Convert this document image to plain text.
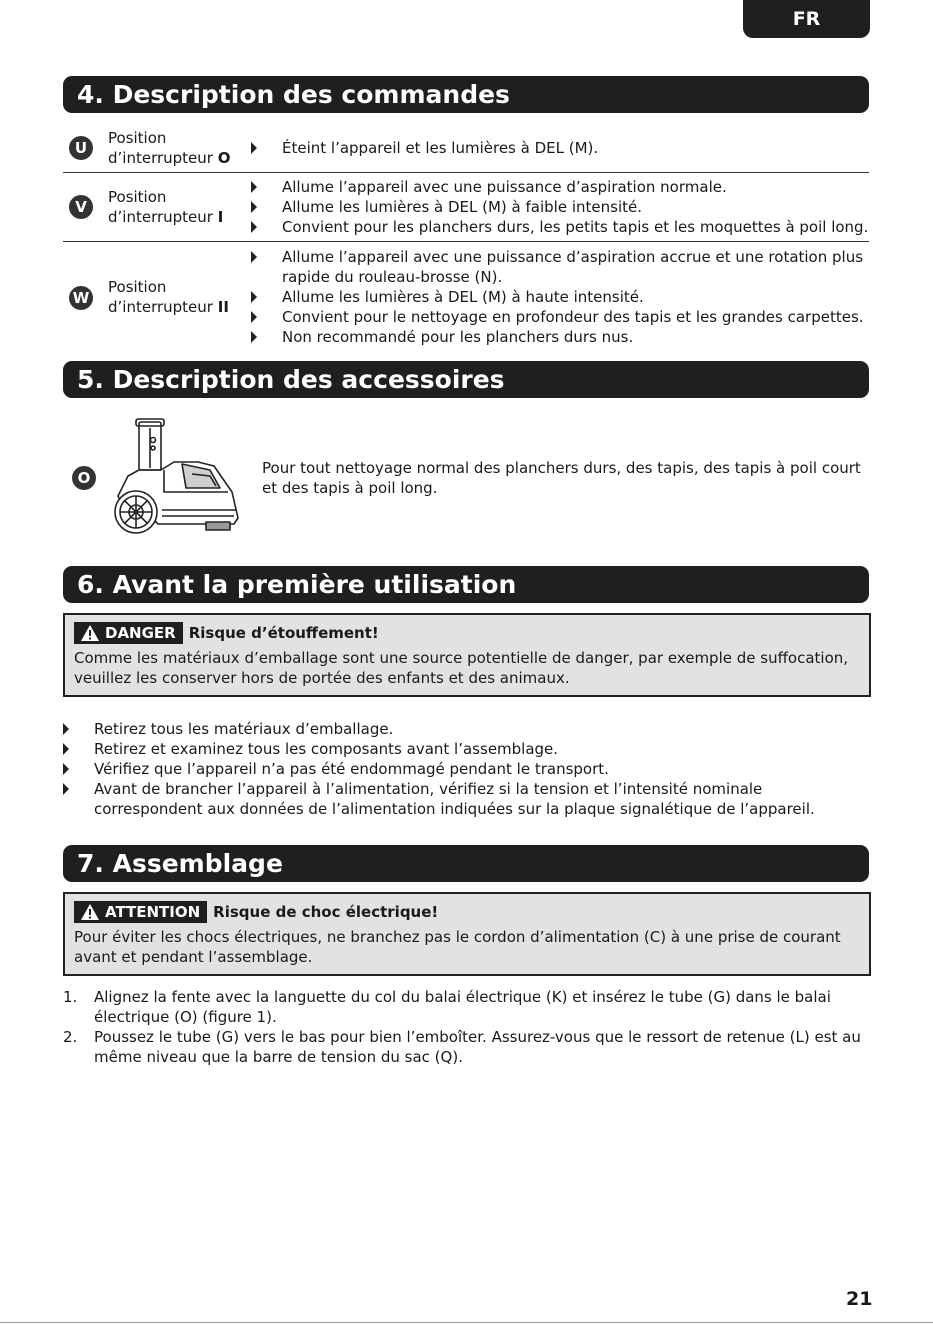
FR
4. Description des commandes
U
Position
d’interrupteur O
Éteint l’appareil et les lumières à DEL (M).
V
Position
d’interrupteur I
Allume l’appareil avec une puissance d’aspiration normale.
Allume les lumières à DEL (M) à faible intensité.
Convient pour les planchers durs, les petits tapis et les moquettes à poil long.
W
Position
d’interrupteur II
Allume l’appareil avec une puissance d’aspiration accrue et une rotation plus
rapide du rouleau-brosse (N).
Allume les lumières à DEL (M) à haute intensité.
Convient pour le nettoyage en profondeur des tapis et les grandes carpettes.
Non recommandé pour les planchers durs nus.
5. Description des accessoires
O
Pour tout nettoyage normal des planchers durs, des tapis, des tapis à poil court et des tapis à poil long.
6. Avant la première utilisation
DANGER Risque d’étouffement!
Comme les matériaux d’emballage sont une source potentielle de danger, par exemple de suffocation, veuillez les conserver hors de portée des enfants et des animaux.
Retirez tous les matériaux d’emballage.
Retirez et examinez tous les composants avant l’assemblage.
Vérifiez que l’appareil n’a pas été endommagé pendant le transport.
Avant de brancher l’appareil à l’alimentation, vérifiez si la tension et l’intensité nominale correspondent aux données de l’alimentation indiquées sur la plaque signalétique de l’appareil.
7. Assemblage
ATTENTION Risque de choc électrique!
Pour éviter les chocs électriques, ne branchez pas le cordon d’alimentation (C) à une prise de courant avant et pendant l’assemblage.
1. Alignez la fente avec la languette du col du balai électrique (K) et insérez le tube (G) dans le balai électrique (O) (figure 1).
2. Poussez le tube (G) vers le bas pour bien l’emboîter. Assurez-vous que le ressort de retenue (L) est au même niveau que la barre de tension du sac (Q).
21
